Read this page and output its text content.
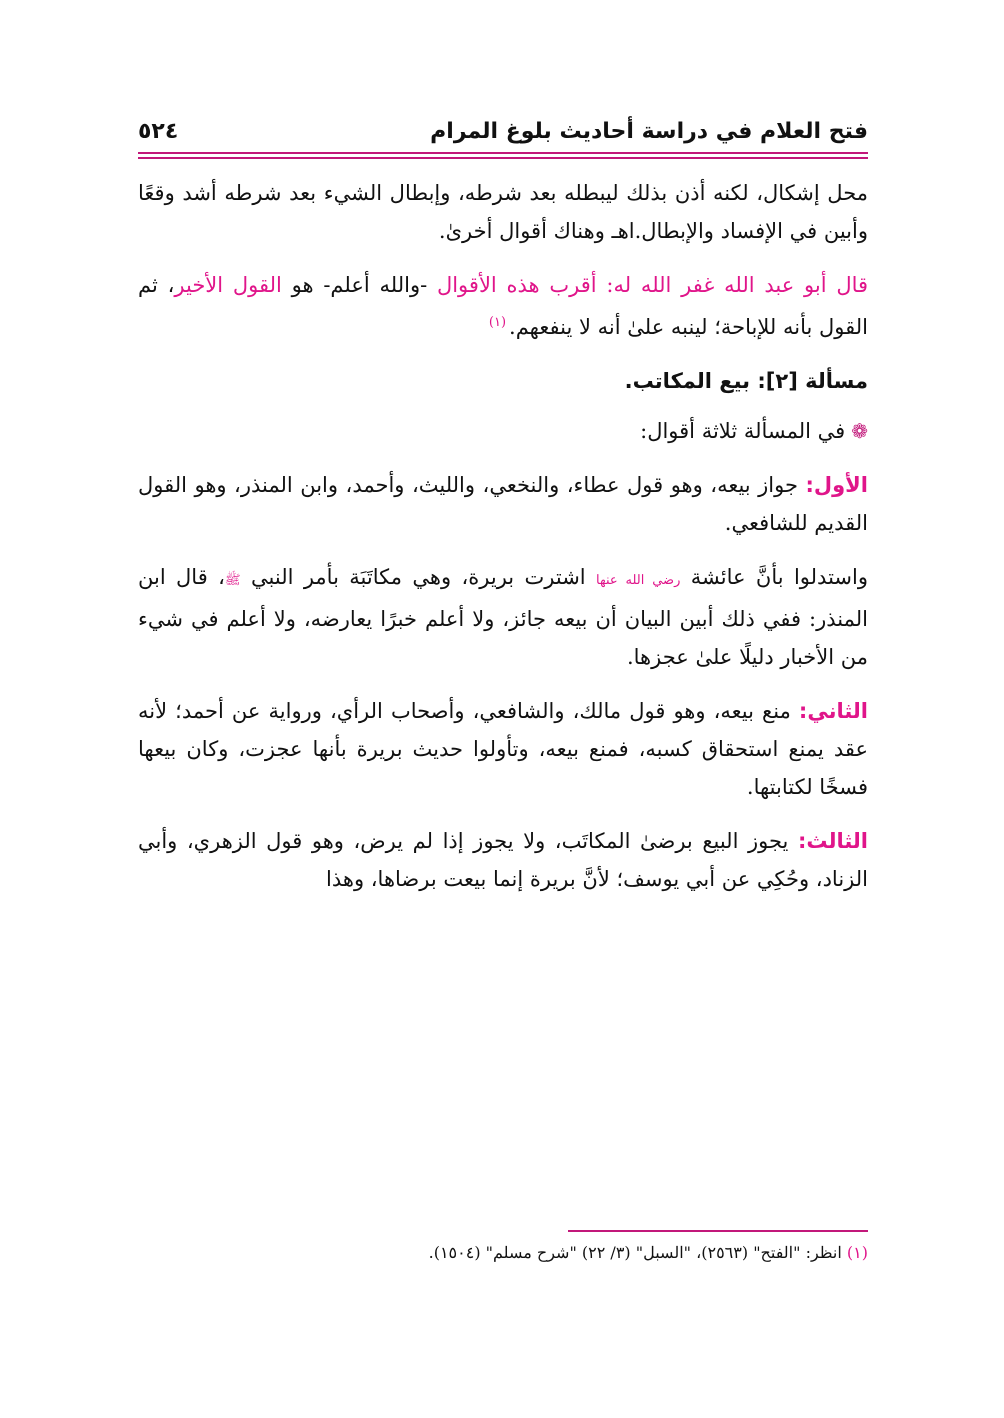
فتح العلام في دراسة أحاديث بلوغ المرام
٥٢٤

محل إشكال، لكنه أذن بذلك ليبطله بعد شرطه، وإبطال الشيء بعد شرطه أشد وقعًا وأبين في الإفساد والإبطال.اهـ وهناك أقوال أخرىٰ.

قال أبو عبد الله غفر الله له: أقرب هذه الأقوال -والله أعلم- هو القول الأخير، ثم القول بأنه للإباحة؛ لينبه علىٰ أنه لا ينفعهم.$^{(١)}$

مسألة [٢]: بيع المكاتب.

❁في المسألة ثلاثة أقوال:

الأول: جواز بيعه، وهو قول عطاء، والنخعي، والليث، وأحمد، وابن المنذر، وهو القول القديم للشافعي.

واستدلوا بأنَّ عائشة رضي الله عنها اشترت بريرة، وهي مكاتَبَة بأمر النبي ﷺ، قال ابن المنذر: ففي ذلك أبين البيان أن بيعه جائز، ولا أعلم خبرًا يعارضه، ولا أعلم في شيء من الأخبار دليلًا علىٰ عجزها.

الثاني: منع بيعه، وهو قول مالك، والشافعي، وأصحاب الرأي، ورواية عن أحمد؛ لأنه عقد يمنع استحقاق كسبه، فمنع بيعه، وتأولوا حديث بريرة بأنها عجزت، وكان بيعها فسخًا لكتابتها.

الثالث: يجوز البيع برضىٰ المكاتَب، ولا يجوز إذا لم يرض، وهو قول الزهري، وأبي الزناد، وحُكِي عن أبي يوسف؛ لأنَّ بريرة إنما بيعت برضاها، وهذا

(١) انظر: "الفتح" (٢٥٦٣)، "السبل" (٣/ ٢٢) "شرح مسلم" (١٥٠٤).
